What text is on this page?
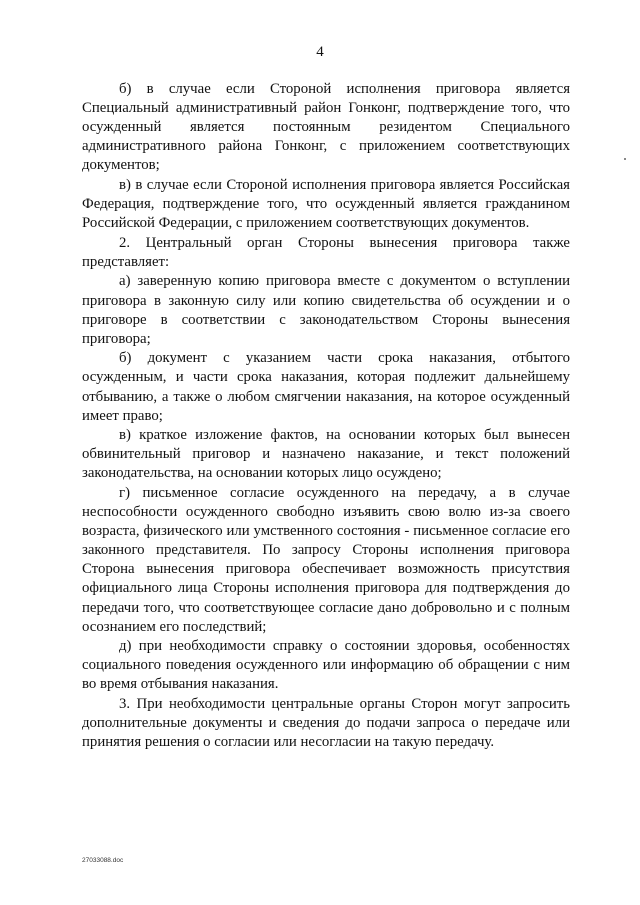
4

б) в случае если Стороной исполнения приговора является Специальный административный район Гонконг, подтверждение того, что осужденный является постоянным резидентом Специального административного района Гонконг, с приложением соответствующих документов;

в) в случае если Стороной исполнения приговора является Российская Федерация, подтверждение того, что осужденный является гражданином Российской Федерации, с приложением соответствующих документов.

2. Центральный орган Стороны вынесения приговора также представляет:

а) заверенную копию приговора вместе с документом о вступлении приговора в законную силу или копию свидетельства об осуждении и о приговоре в соответствии с законодательством Стороны вынесения приговора;

б) документ с указанием части срока наказания, отбытого осужденным, и части срока наказания, которая подлежит дальнейшему отбыванию, а также о любом смягчении наказания, на которое осужденный имеет право;

в) краткое изложение фактов, на основании которых был вынесен обвинительный приговор и назначено наказание, и текст положений законодательства, на основании которых лицо осуждено;

г) письменное согласие осужденного на передачу, а в случае неспособности осужденного свободно изъявить свою волю из-за своего возраста, физического или умственного состояния - письменное согласие его законного представителя. По запросу Стороны исполнения приговора Сторона вынесения приговора обеспечивает возможность присутствия официального лица Стороны исполнения приговора для подтверждения до передачи того, что соответствующее согласие дано добровольно и с полным осознанием его последствий;

д) при необходимости справку о состоянии здоровья, особенностях социального поведения осужденного или информацию об обращении с ним во время отбывания наказания.

3. При необходимости центральные органы Сторон могут запросить дополнительные документы и сведения до подачи запроса о передаче или принятия решения о согласии или несогласии на такую передачу.

27033088.doc
